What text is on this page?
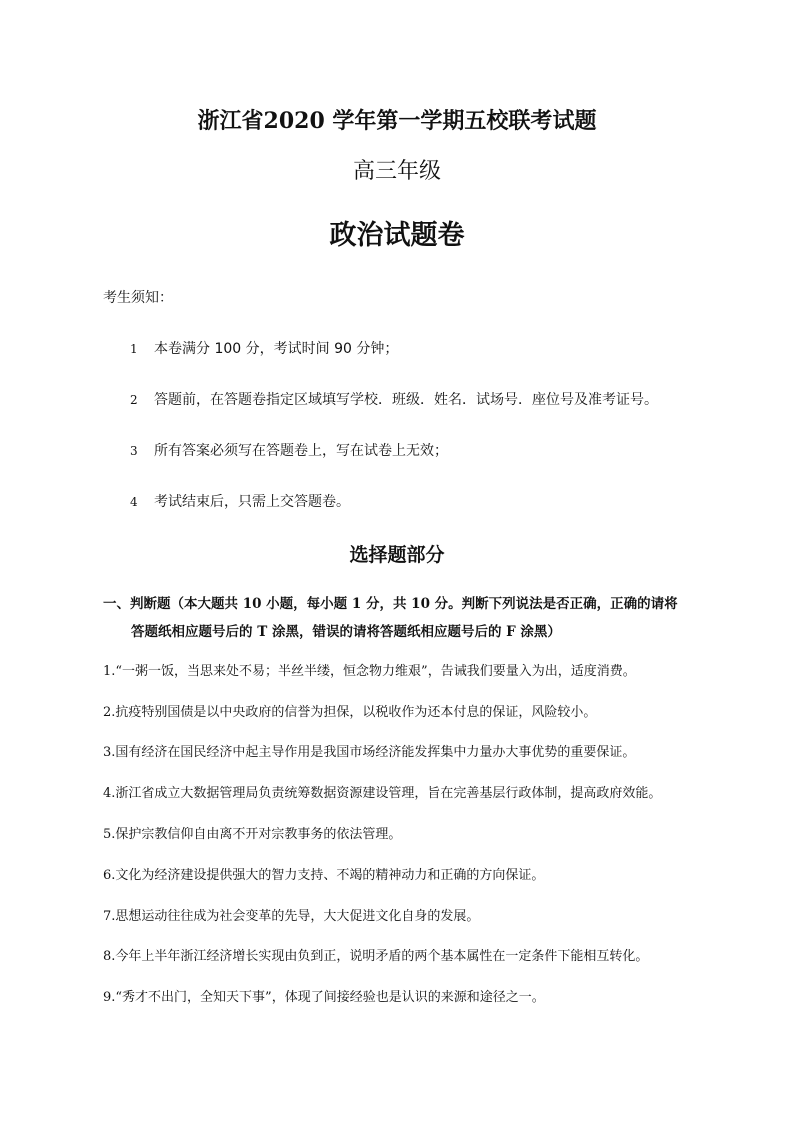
浙江省2020 学年第一学期五校联考试题
高三年级
政治试题卷
考生须知：
1 本卷满分 100 分，考试时间 90 分钟；
2 答题前，在答题卷指定区域填写学校．班级．姓名．试场号．座位号及准考证号。
3 所有答案必须写在答题卷上，写在试卷上无效；
4 考试结束后，只需上交答题卷。
选择题部分
一、判断题（本大题共 10 小题，每小题 1 分，共 10 分。判断下列说法是否正确，正确的请将
答题纸相应题号后的 T 涂黑，错误的请将答题纸相应题号后的 F 涂黑）
1.“一粥一饭，当思来处不易；半丝半缕，恒念物力维艰”，告诫我们要量入为出，适度消费。
2.抗疫特别国债是以中央政府的信誉为担保，以税收作为还本付息的保证，风险较小。
3.国有经济在国民经济中起主导作用是我国市场经济能发挥集中力量办大事优势的重要保证。
4.浙江省成立大数据管理局负责统筹数据资源建设管理，旨在完善基层行政体制，提高政府效能。
5.保护宗教信仰自由离不开对宗教事务的依法管理。
6.文化为经济建设提供强大的智力支持、不竭的精神动力和正确的方向保证。
7.思想运动往往成为社会变革的先导，大大促进文化自身的发展。
8.今年上半年浙江经济增长实现由负到正，说明矛盾的两个基本属性在一定条件下能相互转化。
9.“秀才不出门，全知天下事”，体现了间接经验也是认识的来源和途径之一。
